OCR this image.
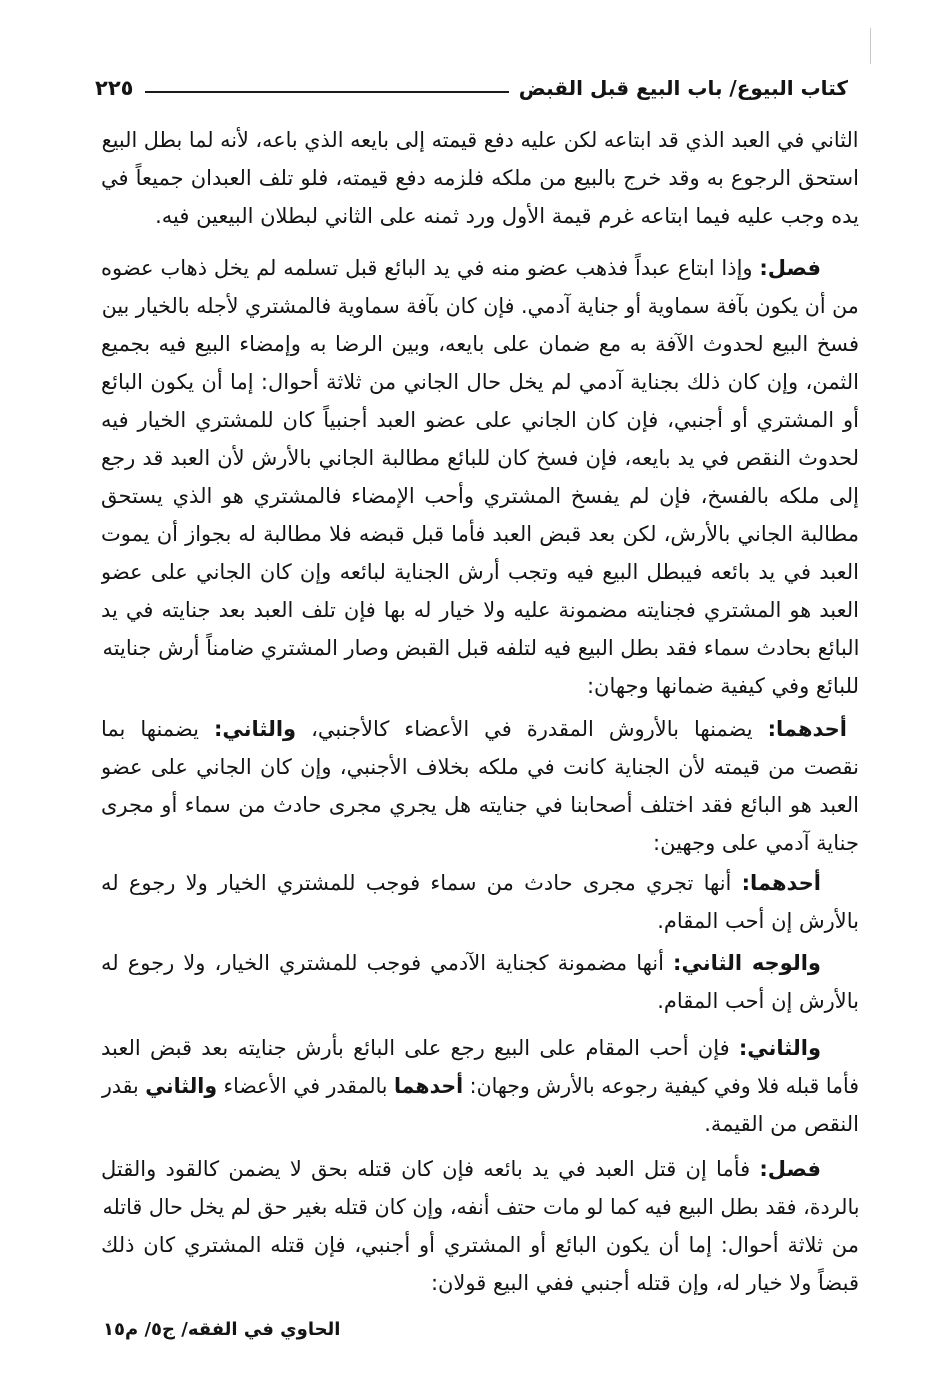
كتاب البيوع/ باب البيع قبل القبض
٢٢٥
الثاني في العبد الذي قد ابتاعه لكن عليه دفع قيمته إلى بايعه الذي باعه، لأنه لما بطل البيع
استحق الرجوع به وقد خرج بالبيع من ملكه فلزمه دفع قيمته، فلو تلف العبدان جميعاً في
يده وجب عليه فيما ابتاعه غرم قيمة الأول ورد ثمنه على الثاني لبطلان البيعين فيه.
فصل: وإذا ابتاع عبداً فذهب عضو منه في يد البائع قبل تسلمه لم يخل ذهاب عضوه
من أن يكون بآفة سماوية أو جناية آدمي. فإن كان بآفة سماوية فالمشتري لأجله بالخيار بين
فسخ البيع لحدوث الآفة به مع ضمان على بايعه، وبين الرضا به وإمضاء البيع فيه بجميع
الثمن، وإن كان ذلك بجناية آدمي لم يخل حال الجاني من ثلاثة أحوال: إما أن يكون البائع
أو المشتري أو أجنبي، فإن كان الجاني على عضو العبد أجنبياً كان للمشتري الخيار فيه
لحدوث النقص في يد بايعه، فإن فسخ كان للبائع مطالبة الجاني بالأرش لأن العبد قد رجع
إلى ملكه بالفسخ، فإن لم يفسخ المشتري وأحب الإمضاء فالمشتري هو الذي يستحق
مطالبة الجاني بالأرش، لكن بعد قبض العبد فأما قبل قبضه فلا مطالبة له بجواز أن يموت
العبد في يد بائعه فيبطل البيع فيه وتجب أرش الجناية لبائعه وإن كان الجاني على عضو
العبد هو المشتري فجنايته مضمونة عليه ولا خيار له بها فإن تلف العبد بعد جنايته في يد
البائع بحادث سماء فقد بطل البيع فيه لتلفه قبل القبض وصار المشتري ضامناً أرش جنايته
للبائع وفي كيفية ضمانها وجهان:
أحدهما: يضمنها بالأروش المقدرة في الأعضاء كالأجنبي، والثاني: يضمنها بما
نقصت من قيمته لأن الجناية كانت في ملكه بخلاف الأجنبي، وإن كان الجاني على عضو
العبد هو البائع فقد اختلف أصحابنا في جنايته هل يجري مجرى حادث من سماء أو مجرى
جناية آدمي على وجهين:
أحدهما: أنها تجري مجرى حادث من سماء فوجب للمشتري الخيار ولا رجوع له
بالأرش إن أحب المقام.
والوجه الثاني: أنها مضمونة كجناية الآدمي فوجب للمشتري الخيار، ولا رجوع له
بالأرش إن أحب المقام.
والثاني: فإن أحب المقام على البيع رجع على البائع بأرش جنايته بعد قبض العبد
فأما قبله فلا وفي كيفية رجوعه بالأرش وجهان: أحدهما بالمقدر في الأعضاء والثاني بقدر
النقص من القيمة.
فصل: فأما إن قتل العبد في يد بائعه فإن كان قتله بحق لا يضمن كالقود والقتل
بالردة، فقد بطل البيع فيه كما لو مات حتف أنفه، وإن كان قتله بغير حق لم يخل حال قاتله
من ثلاثة أحوال: إما أن يكون البائع أو المشتري أو أجنبي، فإن قتله المشتري كان ذلك
قبضاً ولا خيار له، وإن قتله أجنبي ففي البيع قولان:
الحاوي في الفقه/ ج٥/ م١٥
